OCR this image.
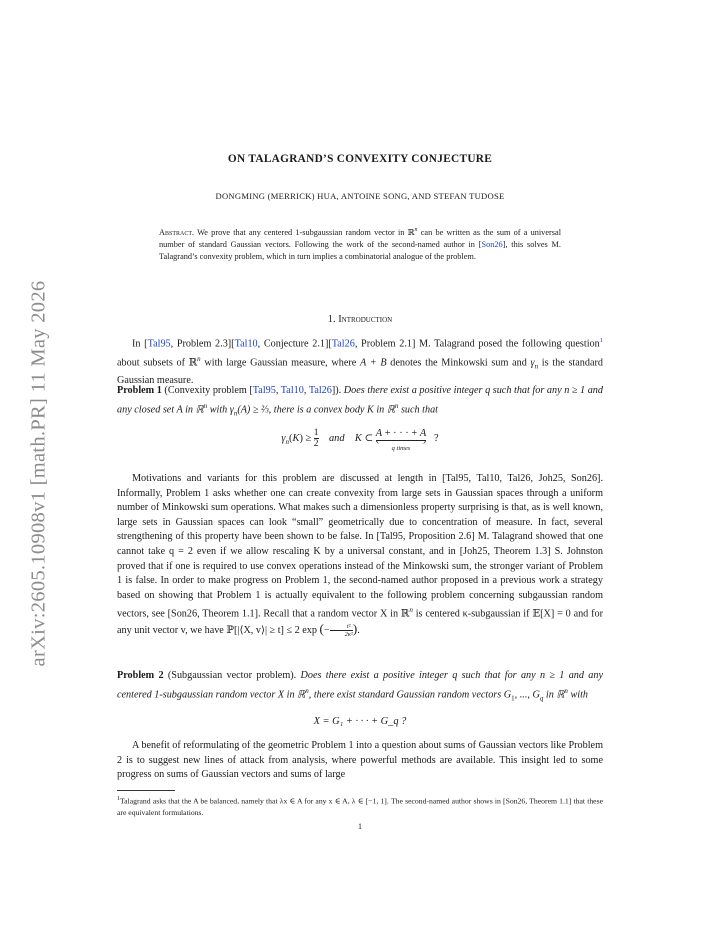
arXiv:2605.10908v1 [math.PR] 11 May 2026
ON TALAGRAND’S CONVEXITY CONJECTURE
DONGMING (MERRICK) HUA, ANTOINE SONG, AND STEFAN TUDOSE
Abstract. We prove that any centered 1-subgaussian random vector in ℝ$^n$ can be written as the sum of a universal number of standard Gaussian vectors. Following the work of the second-named author in [Son26], this solves M. Talagrand’s convexity problem, which in turn implies a combinatorial analogue of the problem.
1. Introduction
In [Tal95, Problem 2.3][Tal10, Conjecture 2.1][Tal26, Problem 2.1] M. Talagrand posed the following question$^1$ about subsets of ℝ$^n$ with large Gaussian measure, where A + B denotes the Minkowski sum and $\gamma_n$ is the standard Gaussian measure.
Problem 1 (Convexity problem [Tal95, Tal10, Tal26]). Does there exist a positive integer q such that for any n ≥ 1 and any closed set A in ℝ$^n$ with $\gamma_n(A)$ ≥ ⅔, there is a convex body K in ℝ$^n$ such that
$\gamma_n(K) \ge 1$

2
and K ⊂ A + · · · + A
q times
?
Motivations and variants for this problem are discussed at length in [Tal95, Tal10, Tal26, Joh25, Son26]. Informally, Problem 1 asks whether one can create convexity from large sets in Gaussian spaces through a uniform number of Minkowski sum operations. What makes such a dimensionless property surprising is that, as is well known, large sets in Gaussian spaces can look “small” geometrically due to concentration of measure. In fact, several strengthening of this property have been shown to be false. In [Tal95, Proposition 2.6] M. Talagrand showed that one cannot take q = 2 even if we allow rescaling K by a universal constant, and in [Joh25, Theorem 1.3] S. Johnston proved that if one is required to use convex operations instead of the Minkowski sum, the stronger variant of Problem 1 is false. In order to make progress on Problem 1, the second-named author proposed in a previous work a strategy based on showing that Problem 1 is actually equivalent to the following problem concerning subgaussian random vectors, see [Son26, Theorem 1.1]. Recall that a random vector X in ℝ$^n$ is centered κ-subgaussian if 𝔼[X] = 0 and for any unit vector v, we have ℙ[|⟨X, v⟩| ≥ t] ≤ 2 exp (−	t²
2κ² ).
Problem 2 (Subgaussian vector problem). Does there exist a positive integer q such that for any n ≥ 1 and any centered 1-subgaussian random vector X in ℝ$^n$, there exist standard Gaussian random vectors $G_1$, ..., $G_q$ in ℝ$^n$ with
X = G₁ + · · · + G_q ?
A benefit of reformulating of the geometric Problem 1 into a question about sums of Gaussian vectors like Problem 2 is to suggest new lines of attack from analysis, where powerful methods are available. This insight led to some progress on sums of Gaussian vectors and sums of large
$^1$Talagrand asks that the A be balanced, namely that λx ∈ A for any x ∈ A, λ ∈ [−1, 1]. The second-named author shows in [Son26, Theorem 1.1] that these are equivalent formulations.
1
